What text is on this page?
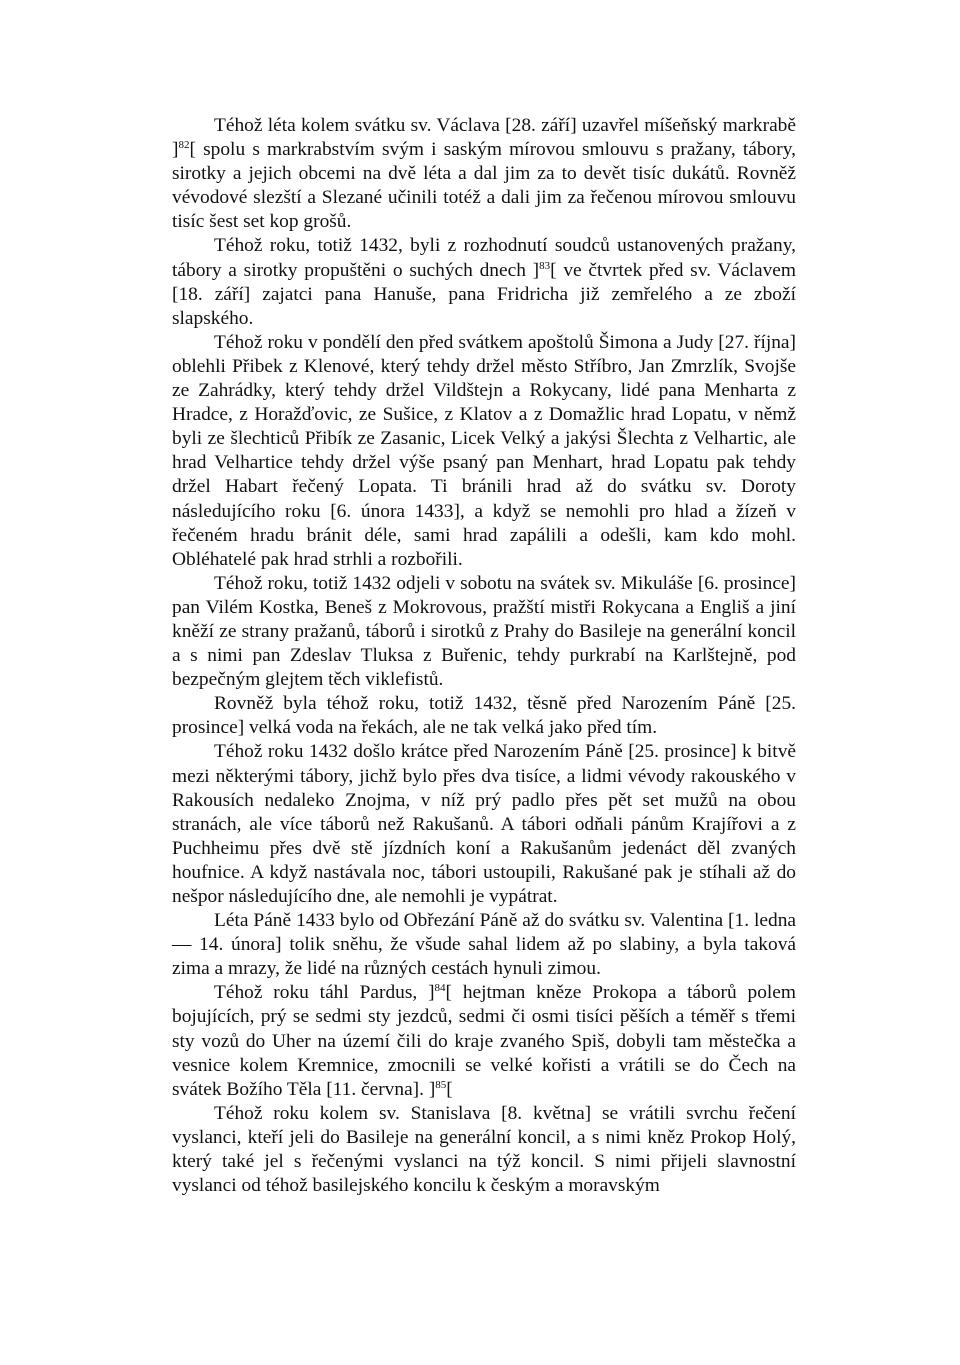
Téhož léta kolem svátku sv. Václava [28. září] uzavřel míšeňský markrabě ]$^{82}$[ spolu s markrabstvím svým i saským mírovou smlouvu s pražany, tábory, sirotky a jejich obcemi na dvě léta a dal jim za to devět tisíc dukátů. Rovněž vévodové slezští a Slezané učinili totéž a dali jim za řečenou mírovou smlouvu tisíc šest set kop grošů.

Téhož roku, totiž 1432, byli z rozhodnutí soudců ustanovených pražany, tábory a sirotky propuštěni o suchých dnech ]$^{83}$[ ve čtvrtek před sv. Václavem [18. září] zajatci pana Hanuše, pana Fridricha již zemřelého a ze zboží slapského.

Téhož roku v pondělí den před svátkem apoštolů Šimona a Judy [27. října] oblehli Přibek z Klenové, který tehdy držel město Stříbro, Jan Zmrzlík, Svojše ze Zahrádky, který tehdy držel Vildštejn a Rokycany, lidé pana Menharta z Hradce, z Horažďovic, ze Sušice, z Klatov a z Domažlic hrad Lopatu, v němž byli ze šlechticů Přibík ze Zasanic, Licek Velký a jakýsi Šlechta z Velhartic, ale hrad Velhartice tehdy držel výše psaný pan Menhart, hrad Lopatu pak tehdy držel Habart řečený Lopata. Ti bránili hrad až do svátku sv. Doroty následujícího roku [6. února 1433], a když se nemohli pro hlad a žízeň v řečeném hradu bránit déle, sami hrad zapálili a odešli, kam kdo mohl. Obléhatelé pak hrad strhli a rozbořili.

Téhož roku, totiž 1432 odjeli v sobotu na svátek sv. Mikuláše [6. prosince] pan Vilém Kostka, Beneš z Mokrovous, pražští mistři Rokycana a Engliš a jiní kněží ze strany pražanů, táborů i sirotků z Prahy do Basileje na generální koncil a s nimi pan Zdeslav Tluksa z Buřenic, tehdy purkrabí na Karlštejně, pod bezpečným glejtem těch viklefistů.

Rovněž byla téhož roku, totiž 1432, těsně před Narozením Páně [25. prosince] velká voda na řekách, ale ne tak velká jako před tím.

Téhož roku 1432 došlo krátce před Narozením Páně [25. prosince] k bitvě mezi některými tábory, jichž bylo přes dva tisíce, a lidmi vévody rakouského v Rakousích nedaleko Znojma, v níž prý padlo přes pět set mužů na obou stranách, ale více táborů než Rakušanů. A tábori odňali pánům Krajířovi a z Puchheimu přes dvě stě jízdních koní a Rakušanům jedenáct děl zvaných houfnice. A když nastávala noc, tábori ustoupili, Rakušané pak je stíhali až do nešpor následujícího dne, ale nemohli je vypátrat.

Léta Páně 1433 bylo od Obřezání Páně až do svátku sv. Valentina [1. ledna — 14. února] tolik sněhu, že všude sahal lidem až po slabiny, a byla taková zima a mrazy, že lidé na různých cestách hynuli zimou.

Téhož roku táhl Pardus, ]$^{84}$[ hejtman kněze Prokopa a táborů polem bojujících, prý se sedmi sty jezdců, sedmi či osmi tisíci pěších a téměř s třemi sty vozů do Uher na území čili do kraje zvaného Spiš, dobyli tam městečka a vesnice kolem Kremnice, zmocnili se velké kořisti a vrátili se do Čech na svátek Božího Těla [11. června]. ]$^{85}$[

Téhož roku kolem sv. Stanislava [8. května] se vrátili svrchu řečení vyslanci, kteří jeli do Basileje na generální koncil, a s nimi kněz Prokop Holý, který také jel s řečenými vyslanci na týž koncil. S nimi přijeli slavnostní vyslanci od téhož basilejského koncilu k českým a moravským
